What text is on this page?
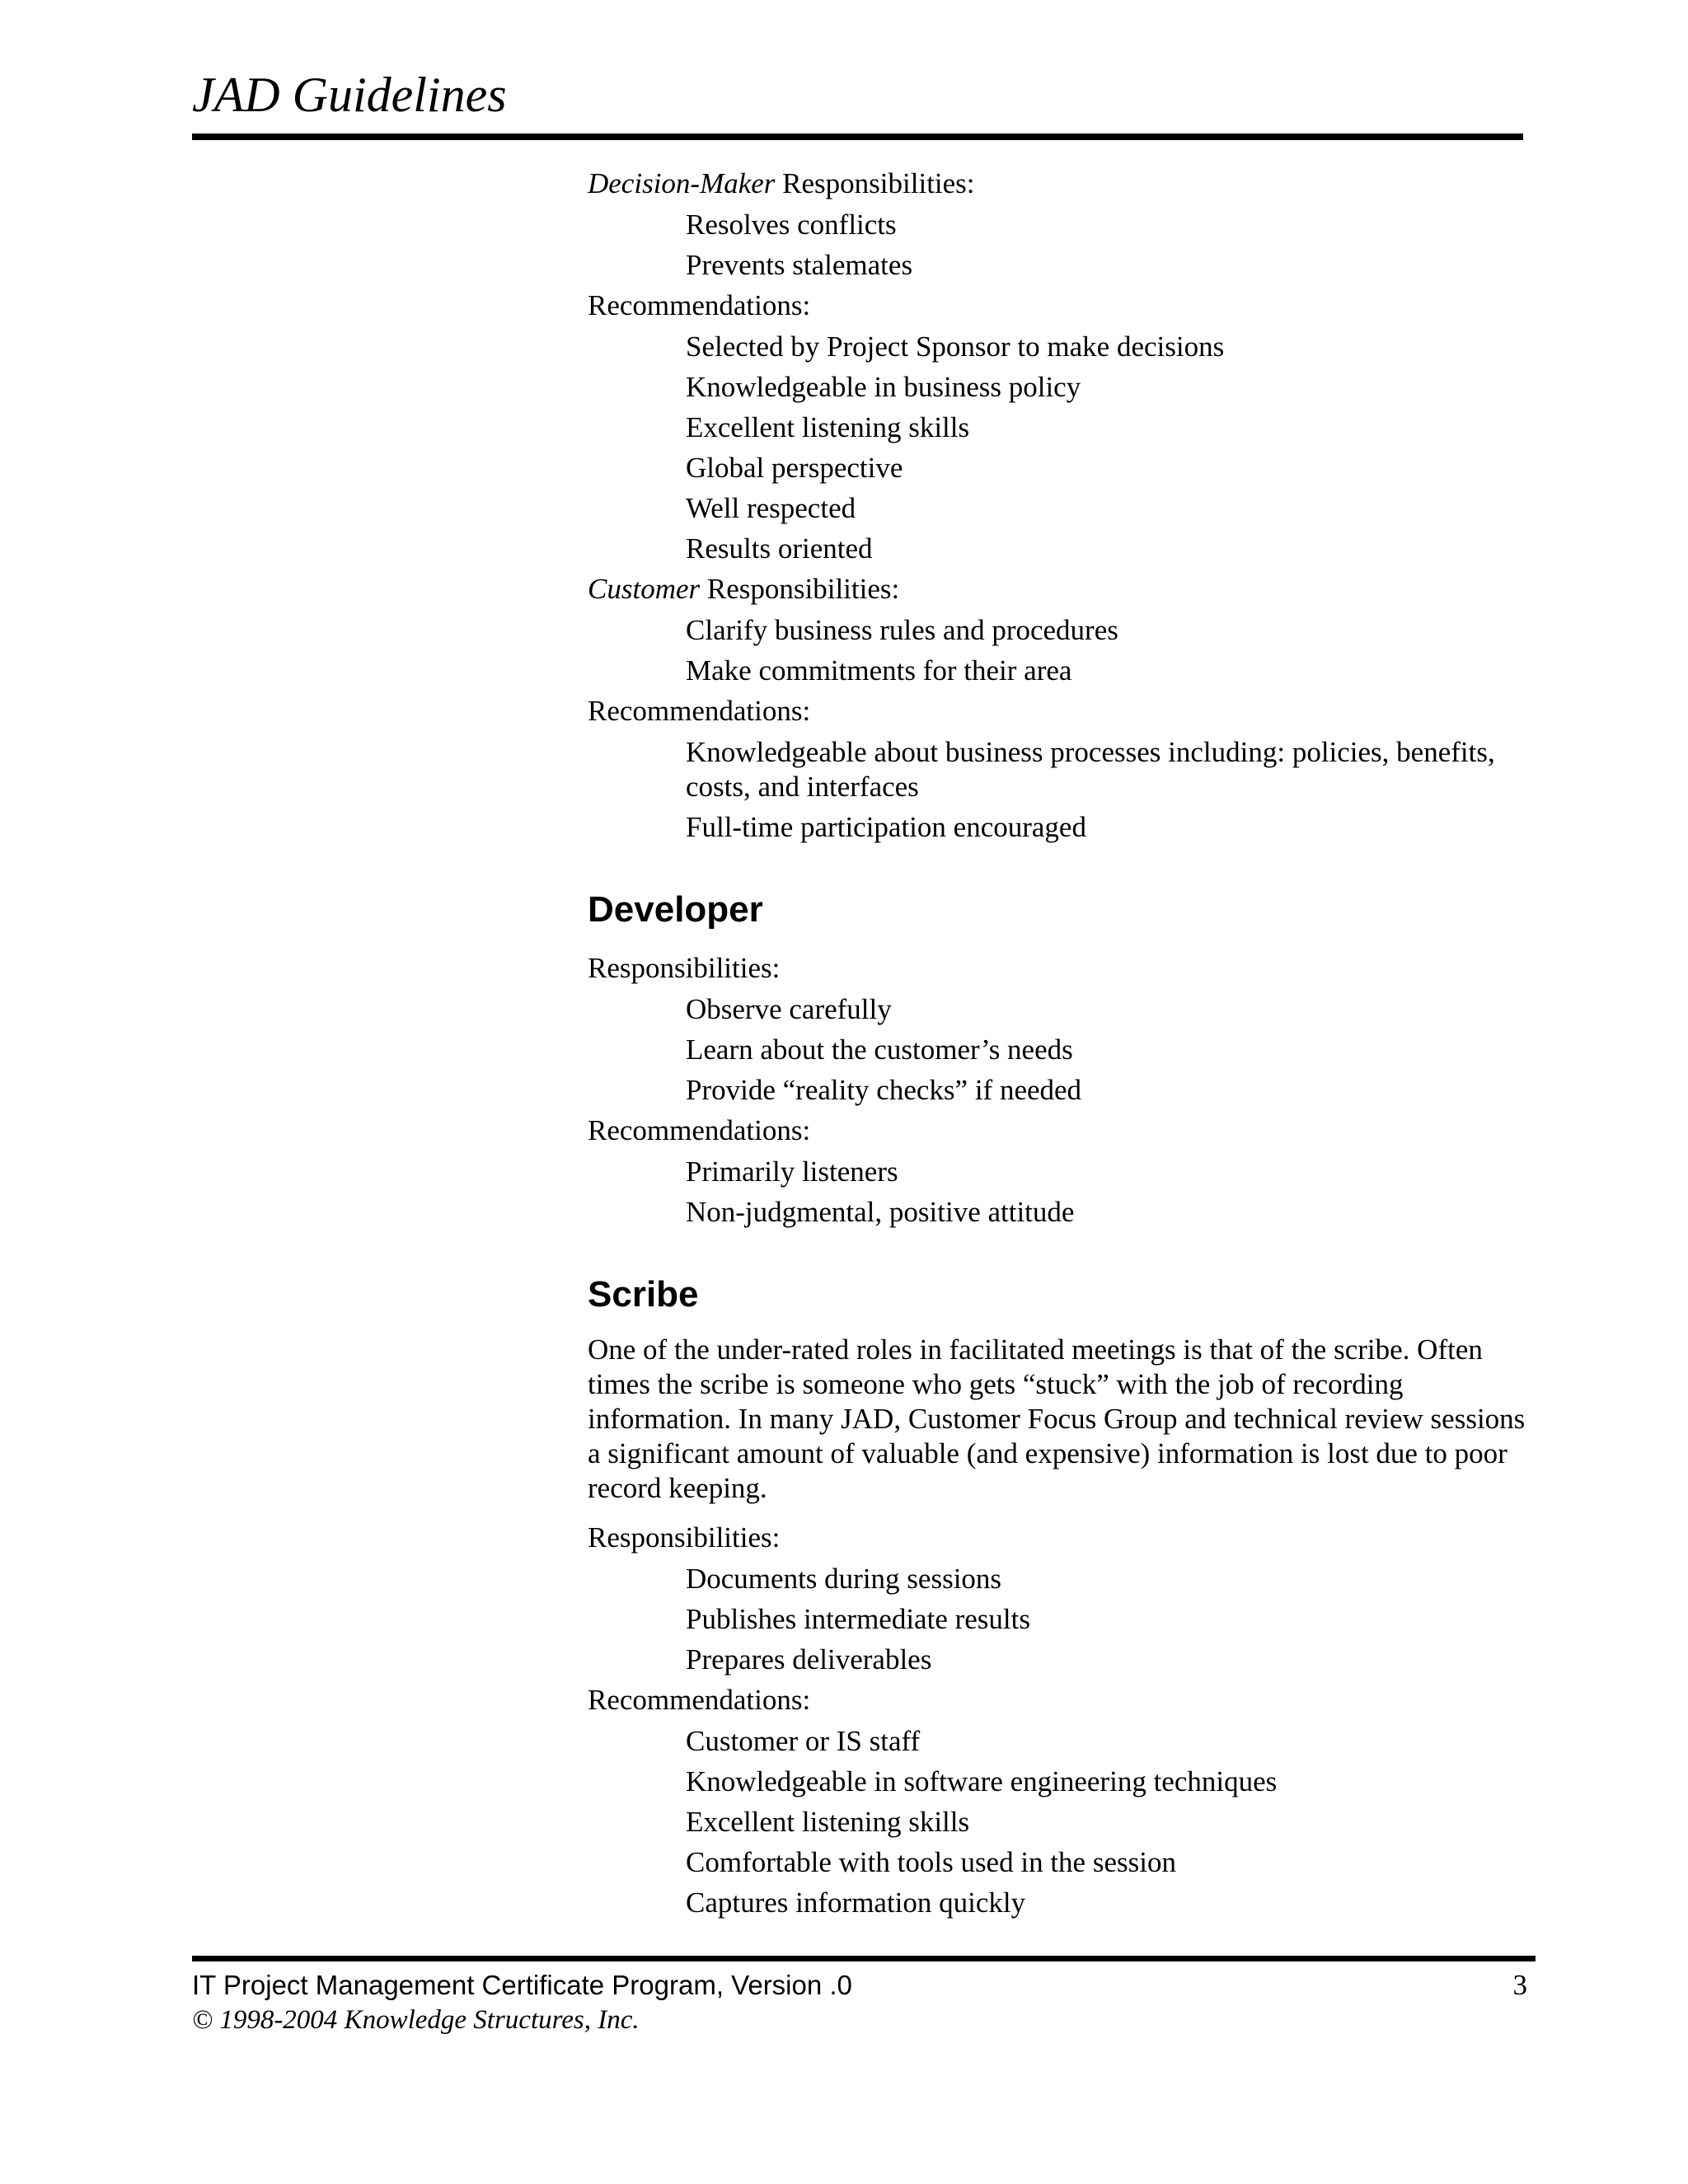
JAD Guidelines

Decision-Maker Responsibilities:

Resolves conflicts
Prevents stalemates

Recommendations:

Selected by Project Sponsor to make decisions
Knowledgeable in business policy
Excellent listening skills
Global perspective
Well respected
Results oriented

Customer Responsibilities:

Clarify business rules and procedures
Make commitments for their area

Recommendations:

Knowledgeable about business processes including: policies, benefits, costs, and interfaces
Full-time participation encouraged
Developer

Responsibilities:

Observe carefully
Learn about the customer’s needs
Provide “reality checks” if needed

Recommendations:

Primarily listeners
Non-judgmental, positive attitude
Scribe

One of the under-rated roles in facilitated meetings is that of the scribe. Often times the scribe is someone who gets “stuck” with the job of recording information. In many JAD, Customer Focus Group and technical review sessions a significant amount of valuable (and expensive) information is lost due to poor record keeping.

Responsibilities:

Documents during sessions
Publishes intermediate results
Prepares deliverables

Recommendations:

Customer or IS staff
Knowledgeable in software engineering techniques
Excellent listening skills
Comfortable with tools used in the session
Captures information quickly
IT Project Management Certificate Program, Version .0	3
© 1998-2004 Knowledge Structures, Inc.
